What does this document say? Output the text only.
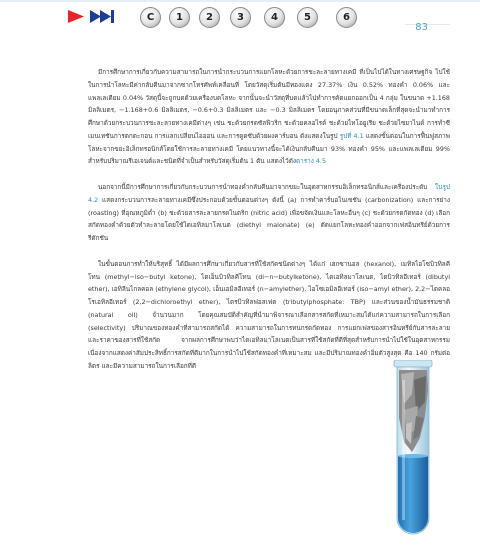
C	1	2	3	4	5	6
83

มีการศึกษาการเกี่ยวกับความสามารถในการนำกระบวนการแยกโลหะด้วยการชะละลายทางเคมี ที่เป็นไปได้ในทางเศรษฐกิจ ไปใช้ในการนำโลหะมีค่ากลับคืนมาจากซากโทรศัพท์เคลื่อนที่ โดยวัสดุเริ่มต้นมีทองแดง 27.37% เงิน 0.52% ทองคำ 0.06% และแพลเลเดียม 0.04% วัสดุนี้จะถูกบดด้วยเครื่องบดโลหะ จากนั้นจะนำวัสดุที่บดแล้วไปทำการคัดแยกออกเป็น 4 กลุ่ม ในขนาด +1.168 มิลลิเมตร, −1.168+0.6 มิลลิเมตร, −0.6+0.3 มิลลิเมตร และ −0.3 มิลลิเมตร โดยอนุภาคส่วนที่มีขนาดเล็กที่สุดจะนำมาทำการศึกษาด้วยกระบวนการชะละลายทางเคมีต่างๆ เช่น ชะด้วยกรดซัลฟิวริก ชะด้วยคลอไรด์ ชะด้วยไทโอยูเรีย ชะด้วยไซยาไนด์ การทำซีเมนเทชันการตกตะกอน การแลกเปลี่ยนไอออน และการดูดซับด้วยผงคาร์บอน ดังแสดงในรูป รูปที่ 4.1 แสดงขั้นตอนในการฟื้นฟูสภาพโลหะจากขยะอิเล็กทรอนิกส์โดยใช้การละลายทางเคมี โดยแนวทางนี้จะได้เงินกลับคืนมา 93% ทองคำ 95% และแพลเลเดียม 99% สำหรับปริมาณรีเอเจนต์และชนิดที่จำเป็นสำหรับวัสดุเริ่มต้น 1 ตัน แสดงไว้ดังตาราง 4.5

นอกจากนี้มีการศึกษาการเกี่ยวกับกระบวนการนำทองคำกลับคืนมาจากขยะในอุตสาหกรรมอิเล็กทรอนิกส์และเครื่องประดับ ในรูป 4.2 แสดงกระบวนการละลายทางเคมีซึ่งประกอบด้วยขั้นตอนต่างๆ ดังนี้ (a) การทำคาร์บอไนเซชัน (carbonization) และการย่าง (roasting) ที่อุณหภูมิต่ำ (b) ชะด้วยสารละลายกรดไนตริก (nitric acid) เพื่อขจัดเงินและโลหะอื่นๆ (c) ชะด้วยกรดกัดทอง (d) เลือกสกัดทองคำด้วยตัวทำละลายโดยใช้ไดเอทิลมาโลเนต (diethyl malonate) (e) ตัดแยกโลหะทองคำออกจากเฟสอินทรีย์ด้วยการรีดักชัน

ในขั้นตอนการทำให้บริสุทธิ์ ได้มีผลการศึกษาเกี่ยวกับสารที่ใช้สกัดชนิดต่างๆ ได้แก่ เฮกซานอล (hexanol), เมทิลไอโซบิวทิลคีโทน (methyl−iso−butyl ketone), ไดเอ็นบิวทิลคีโทน (di−n−butylketone), ไดเอทิลมาโลเนต, ไดบิวทิลอีเทอร์ (dibutyl ether), เอทิลีนไกลคอล (ethylene glycol), เอ็นเอมิลอีเทอร์ (n−amylether), ไอโซเอมิลอีเทอร์ (iso−amyl ether), 2,2−ไดคลอโรเอทิลอีเทอร์ (2,2−dichloroethyl ether), ไตรบิวทิลฟอสเฟต (tributylphosphate: TBP) และส่วนของน้ำมันธรรมชาติ (natural oil) จำนวนมาก โดยคุณสมบัติสำคัญที่นำมาพิจารณาเลือกสารสกัดที่เหมาะสมได้แก่ความสามารถในการเลือก (selectivity) ปริมาณของทองคำที่สามารถสกัดได้ ความสามารถในการทนกรดกัดทอง การแยกเฟสของสารอินทรีย์กับสารละลาย และราคาของสารที่ใช้สกัด จากผลการศึกษาพบว่าไดเอทิลมาโลเนตเป็นสารที่ใช้สกัดที่ดีที่สุดสำหรับการนำไปใช้ในอุตสาหกรรม เนื่องจากแสดงค่าสัมประสิทธิ์การสกัดที่ดีมากในการนำไปใช้สกัดทองคำที่เหมาะสม และมีปริมาณทองคำอิ่มตัวสูงสุด คือ 140 กรัมต่อลิตร และมีความสามารถในการเลือกที่ดี
